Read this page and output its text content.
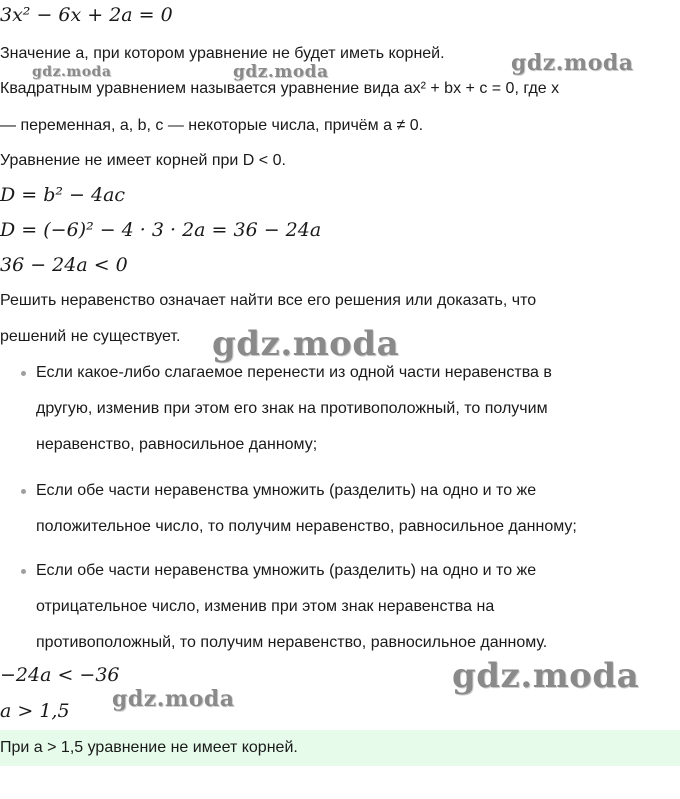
3x² − 6x + 2a = 0
Значение a, при котором уравнение не будет иметь корней.
Квадратным уравнением называется уравнение вида ax² + bx + c = 0, где x
— переменная, a, b, c — некоторые числа, причём a ≠ 0.
Уравнение не имеет корней при D < 0.
D = b² − 4ac
D = (−6)² − 4 · 3 · 2a = 36 − 24a
36 − 24a < 0
Решить неравенство означает найти все его решения или доказать, что
решений не существует.
Если какое-либо слагаемое перенести из одной части неравенства в
другую, изменив при этом его знак на противоположный, то получим
неравенство, равносильное данному;
Если обе части неравенства умножить (разделить) на одно и то же
положительное число, то получим неравенство, равносильное данному;
Если обе части неравенства умножить (разделить) на одно и то же
отрицательное число, изменив при этом знак неравенства на
противоположный, то получим неравенство, равносильное данному.
−24a < −36
a > 1,5
При a > 1,5 уравнение не имеет корней.
gdz.moda	gdz.moda	gdz.moda
gdz.moda
gdz.moda
gdz.moda
